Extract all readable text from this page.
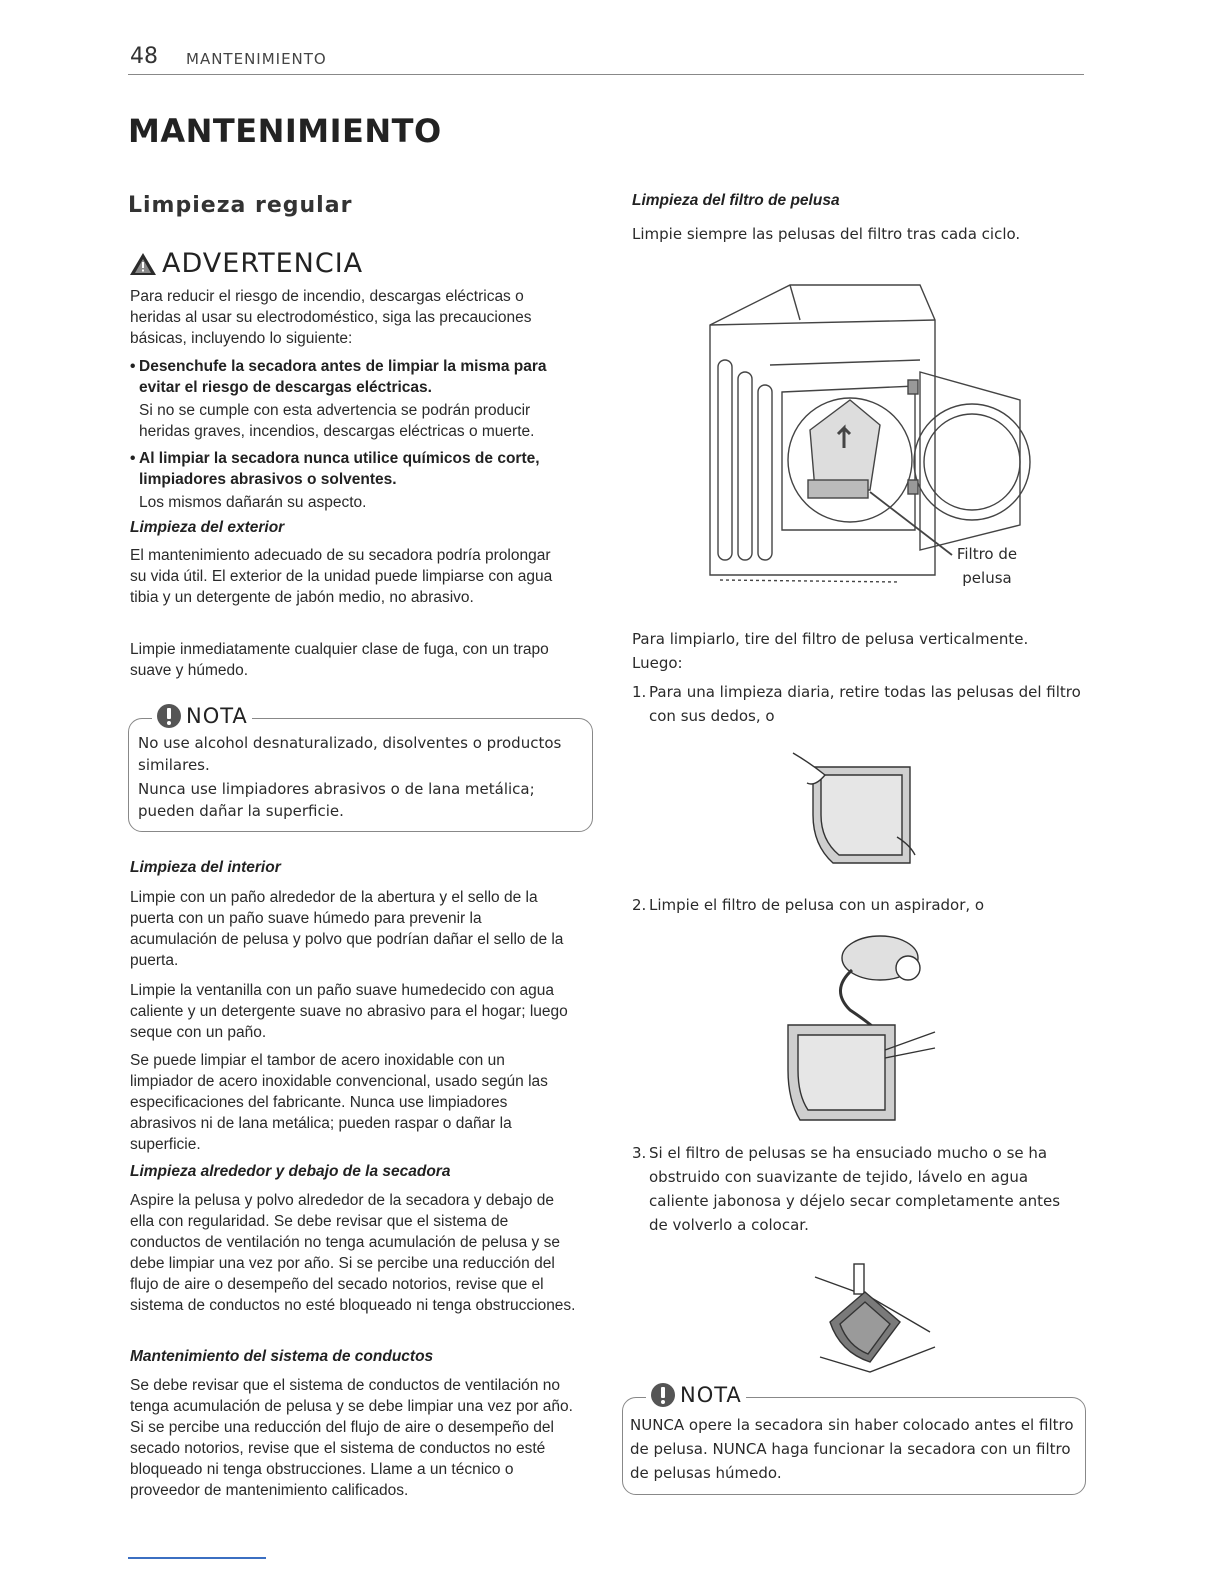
48 MANTENIMIENTO
MANTENIMIENTO
Limpieza regular
ADVERTENCIA
Para reducir el riesgo de incendio, descargas eléctricas o heridas al usar su electrodoméstico, siga las precauciones básicas, incluyendo lo siguiente:
• Desenchufe la secadora antes de limpiar la misma para evitar el riesgo de descargas eléctricas.
Si no se cumple con esta advertencia se podrán producir heridas graves, incendios, descargas eléctricas o muerte.
• Al limpiar la secadora nunca utilice químicos de corte, limpiadores abrasivos o solventes.
Los mismos dañarán su aspecto.
Limpieza del exterior
El mantenimiento adecuado de su secadora podría prolongar su vida útil. El exterior de la unidad puede limpiarse con agua tibia y un detergente de jabón medio, no abrasivo.
Limpie inmediatamente cualquier clase de fuga, con un trapo suave y húmedo.
NOTA
No use alcohol desnaturalizado, disolventes o productos similares.
Nunca use limpiadores abrasivos o de lana metálica; pueden dañar la superficie.
Limpieza del interior
Limpie con un paño alrededor de la abertura y el sello de la puerta con un paño suave húmedo para prevenir la acumulación de pelusa y polvo que podrían dañar el sello de la puerta.
Limpie la ventanilla con un paño suave humedecido con agua caliente y un detergente suave no abrasivo para el hogar; luego seque con un paño.
Se puede limpiar el tambor de acero inoxidable con un limpiador de acero inoxidable convencional, usado según las especificaciones del fabricante. Nunca use limpiadores abrasivos ni de lana metálica; pueden raspar o dañar la superficie.
Limpieza alrededor y debajo de la secadora
Aspire la pelusa y polvo alrededor de la secadora y debajo de ella con regularidad. Se debe revisar que el sistema de conductos de ventilación no tenga acumulación de pelusa y se debe limpiar una vez por año. Si se percibe una reducción del flujo de aire o desempeño del secado notorios, revise que el sistema de conductos no esté bloqueado ni tenga obstrucciones.
Mantenimiento del sistema de conductos
Se debe revisar que el sistema de conductos de ventilación no tenga acumulación de pelusa y se debe limpiar una vez por año. Si se percibe una reducción del flujo de aire o desempeño del secado notorios, revise que el sistema de conductos no esté bloqueado ni tenga obstrucciones. Llame a un técnico o proveedor de mantenimiento calificados.
Limpieza del filtro de pelusa
Limpie siempre las pelusas del filtro tras cada ciclo.
Filtro de pelusa
Para limpiarlo, tire del filtro de pelusa verticalmente. Luego:
1. Para una limpieza diaria, retire todas las pelusas del filtro con sus dedos, o
2. Limpie el filtro de pelusa con un aspirador, o
3. Si el filtro de pelusas se ha ensuciado mucho o se ha obstruido con suavizante de tejido, lávelo en agua caliente jabonosa y déjelo secar completamente antes de volverlo a colocar.
NOTA
NUNCA opere la secadora sin haber colocado antes el filtro de pelusa. NUNCA haga funcionar la secadora con un filtro de pelusas húmedo.
